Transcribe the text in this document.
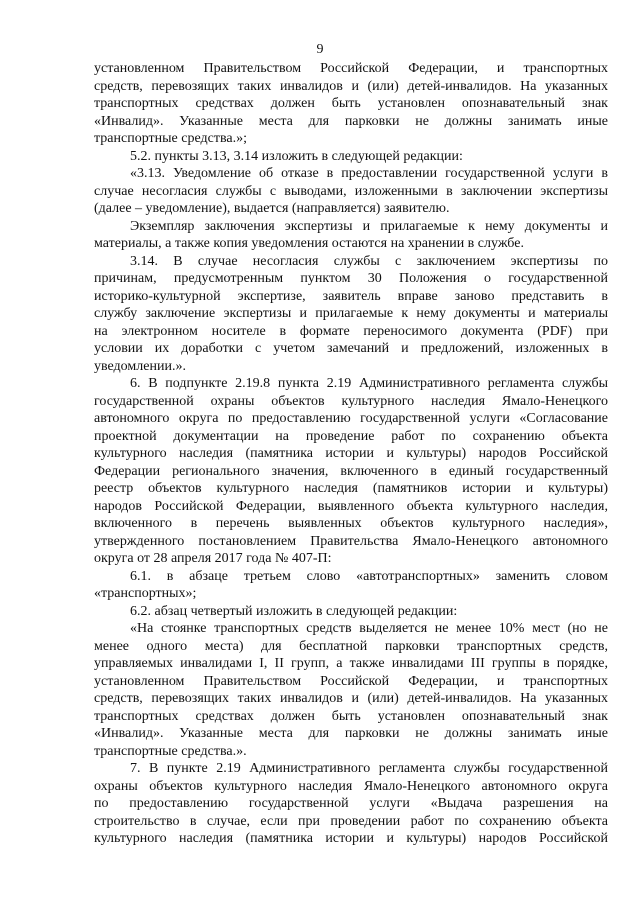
9
установленном Правительством Российской Федерации, и транспортных
средств, перевозящих таких инвалидов и (или) детей-инвалидов. На указанных
транспортных средствах должен быть установлен опознавательный знак
«Инвалид». Указанные места для парковки не должны занимать иные
транспортные средства.»;
5.2. пункты 3.13, 3.14 изложить в следующей редакции:
«3.13. Уведомление об отказе в предоставлении государственной услуги в
случае несогласия службы с выводами, изложенными в заключении экспертизы
(далее – уведомление), выдается (направляется) заявителю.
Экземпляр заключения экспертизы и прилагаемые к нему документы и
материалы, а также копия уведомления остаются на хранении в службе.
3.14. В случае несогласия службы с заключением экспертизы по
причинам, предусмотренным пунктом 30 Положения о государственной
историко-культурной экспертизе, заявитель вправе заново представить в
службу заключение экспертизы и прилагаемые к нему документы и материалы
на электронном носителе в формате переносимого документа (PDF) при
условии их доработки с учетом замечаний и предложений, изложенных в
уведомлении.».
6. В подпункте 2.19.8 пункта 2.19 Административного регламента службы
государственной охраны объектов культурного наследия Ямало-Ненецкого
автономного округа по предоставлению государственной услуги «Согласование
проектной документации на проведение работ по сохранению объекта
культурного наследия (памятника истории и культуры) народов Российской
Федерации регионального значения, включенного в единый государственный
реестр объектов культурного наследия (памятников истории и культуры)
народов Российской Федерации, выявленного объекта культурного наследия,
включенного в перечень выявленных объектов культурного наследия»,
утвержденного постановлением Правительства Ямало-Ненецкого автономного
округа от 28 апреля 2017 года № 407-П:
6.1. в абзаце третьем слово «автотранспортных» заменить словом
«транспортных»;
6.2. абзац четвертый изложить в следующей редакции:
«На стоянке транспортных средств выделяется не менее 10% мест (но не
менее одного места) для бесплатной парковки транспортных средств,
управляемых инвалидами I, II групп, а также инвалидами III группы в порядке,
установленном Правительством Российской Федерации, и транспортных
средств, перевозящих таких инвалидов и (или) детей-инвалидов. На указанных
транспортных средствах должен быть установлен опознавательный знак
«Инвалид». Указанные места для парковки не должны занимать иные
транспортные средства.».
7. В пункте 2.19 Административного регламента службы государственной
охраны объектов культурного наследия Ямало-Ненецкого автономного округа
по предоставлению государственной услуги «Выдача разрешения на
строительство в случае, если при проведении работ по сохранению объекта
культурного наследия (памятника истории и культуры) народов Российской
